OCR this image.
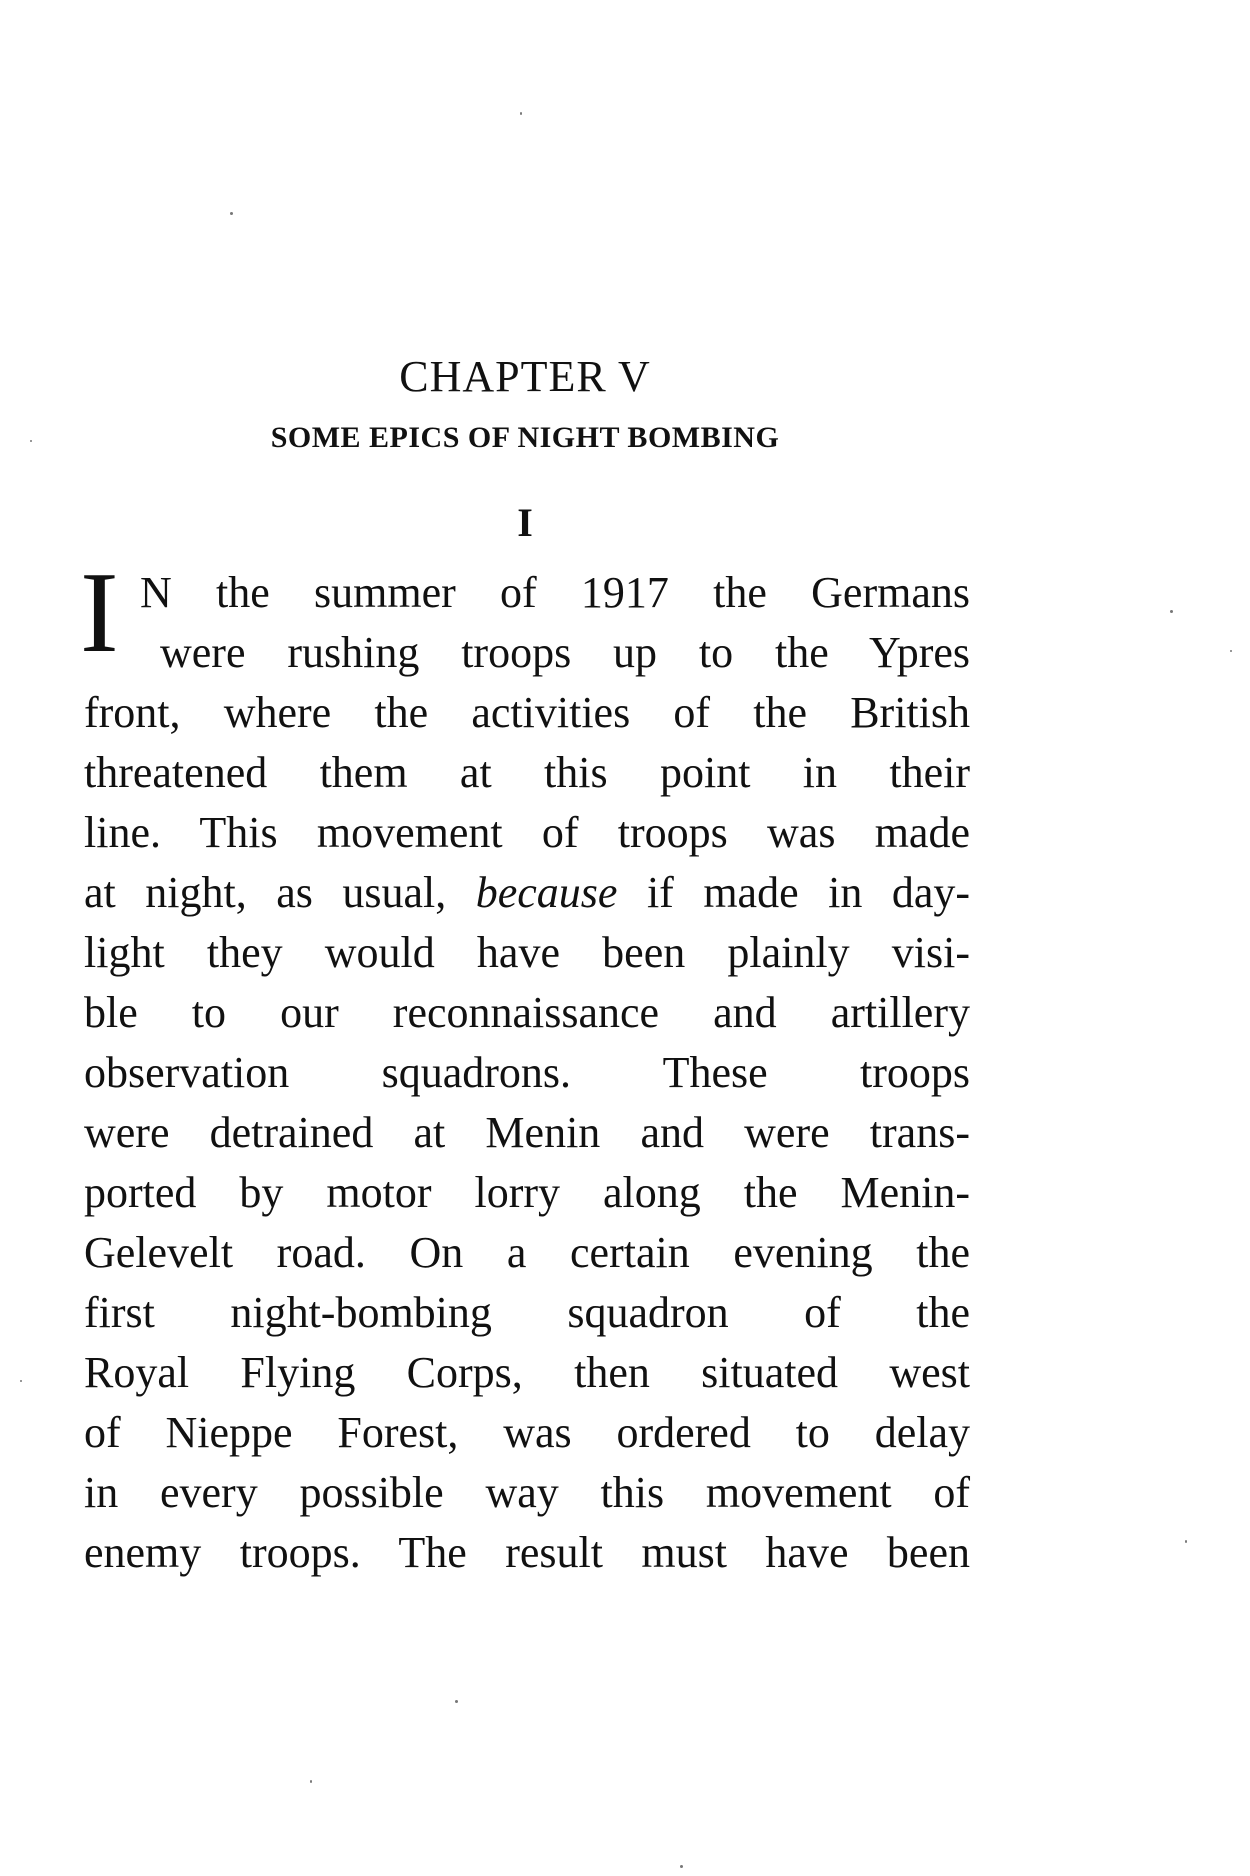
CHAPTER V
SOME EPICS OF NIGHT BOMBING
I
I N the summer of 1917 the Germans
were rushing troops up to the Ypres
front, where the activities of the British
threatened them at this point in their
line. This movement of troops was made
at night, as usual, because if made in day-
light they would have been plainly visi-
ble to our reconnaissance and artillery
observation squadrons. These troops
were detrained at Menin and were trans-
ported by motor lorry along the Menin-
Gelevelt road. On a certain evening the
first night-bombing squadron of the
Royal Flying Corps, then situated west
of Nieppe Forest, was ordered to delay
in every possible way this movement of
enemy troops. The result must have been
